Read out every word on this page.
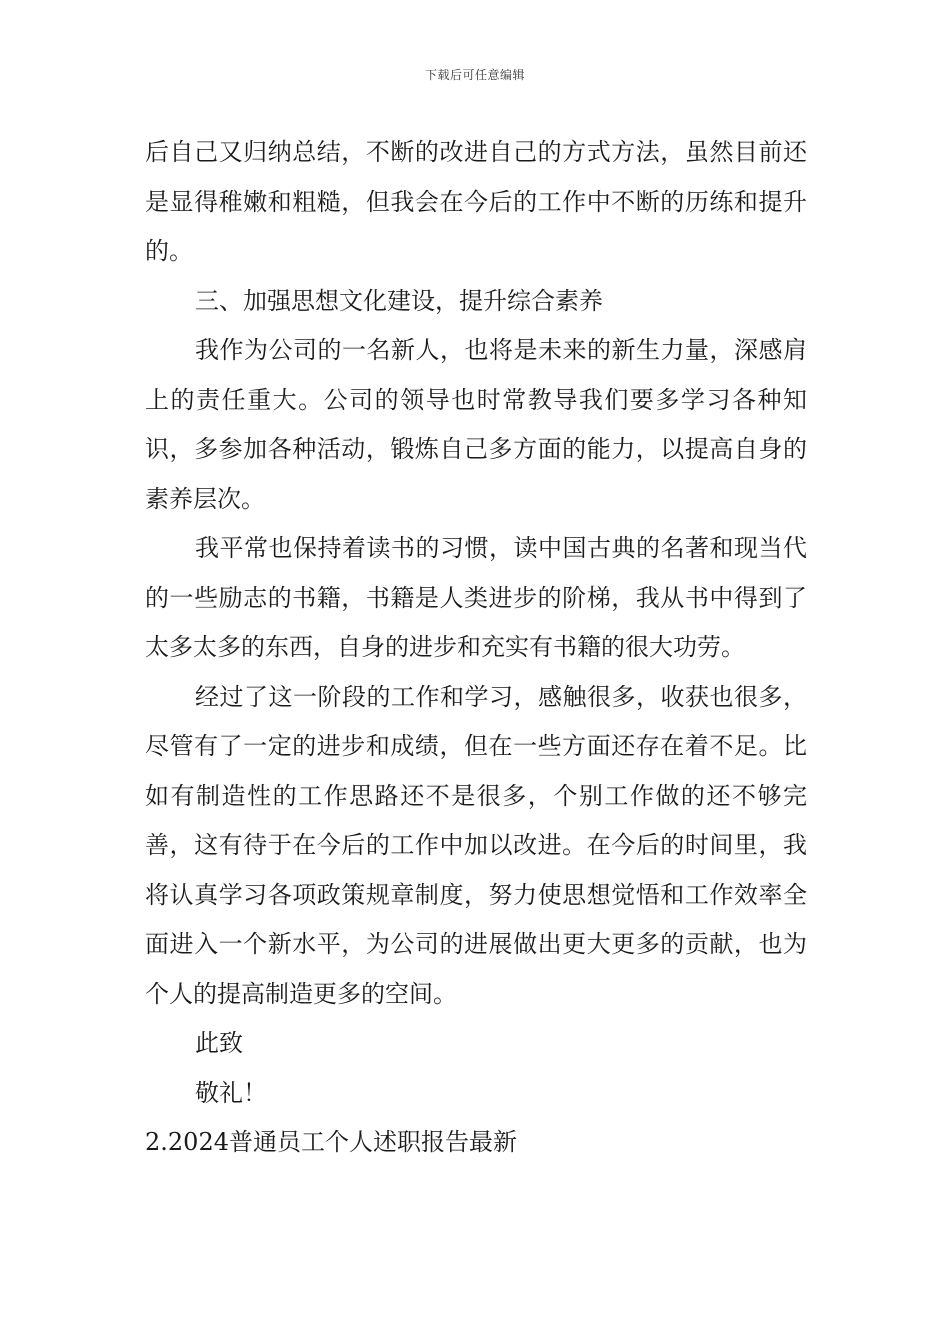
下载后可任意编辑

后自己又归纳总结，不断的改进自己的方式方法，虽然目前还是显得稚嫩和粗糙，但我会在今后的工作中不断的历练和提升的。

三、加强思想文化建设，提升综合素养

我作为公司的一名新人，也将是未来的新生力量，深感肩上的责任重大。公司的领导也时常教导我们要多学习各种知识，多参加各种活动，锻炼自己多方面的能力，以提高自身的素养层次。

我平常也保持着读书的习惯，读中国古典的名著和现当代的一些励志的书籍，书籍是人类进步的阶梯，我从书中得到了太多太多的东西，自身的进步和充实有书籍的很大功劳。

经过了这一阶段的工作和学习，感触很多，收获也很多，尽管有了一定的进步和成绩，但在一些方面还存在着不足。比如有制造性的工作思路还不是很多，个别工作做的还不够完善，这有待于在今后的工作中加以改进。在今后的时间里，我将认真学习各项政策规章制度，努力使思想觉悟和工作效率全面进入一个新水平，为公司的进展做出更大更多的贡献，也为个人的提高制造更多的空间。

此致

敬礼！

2.2024普通员工个人述职报告最新
